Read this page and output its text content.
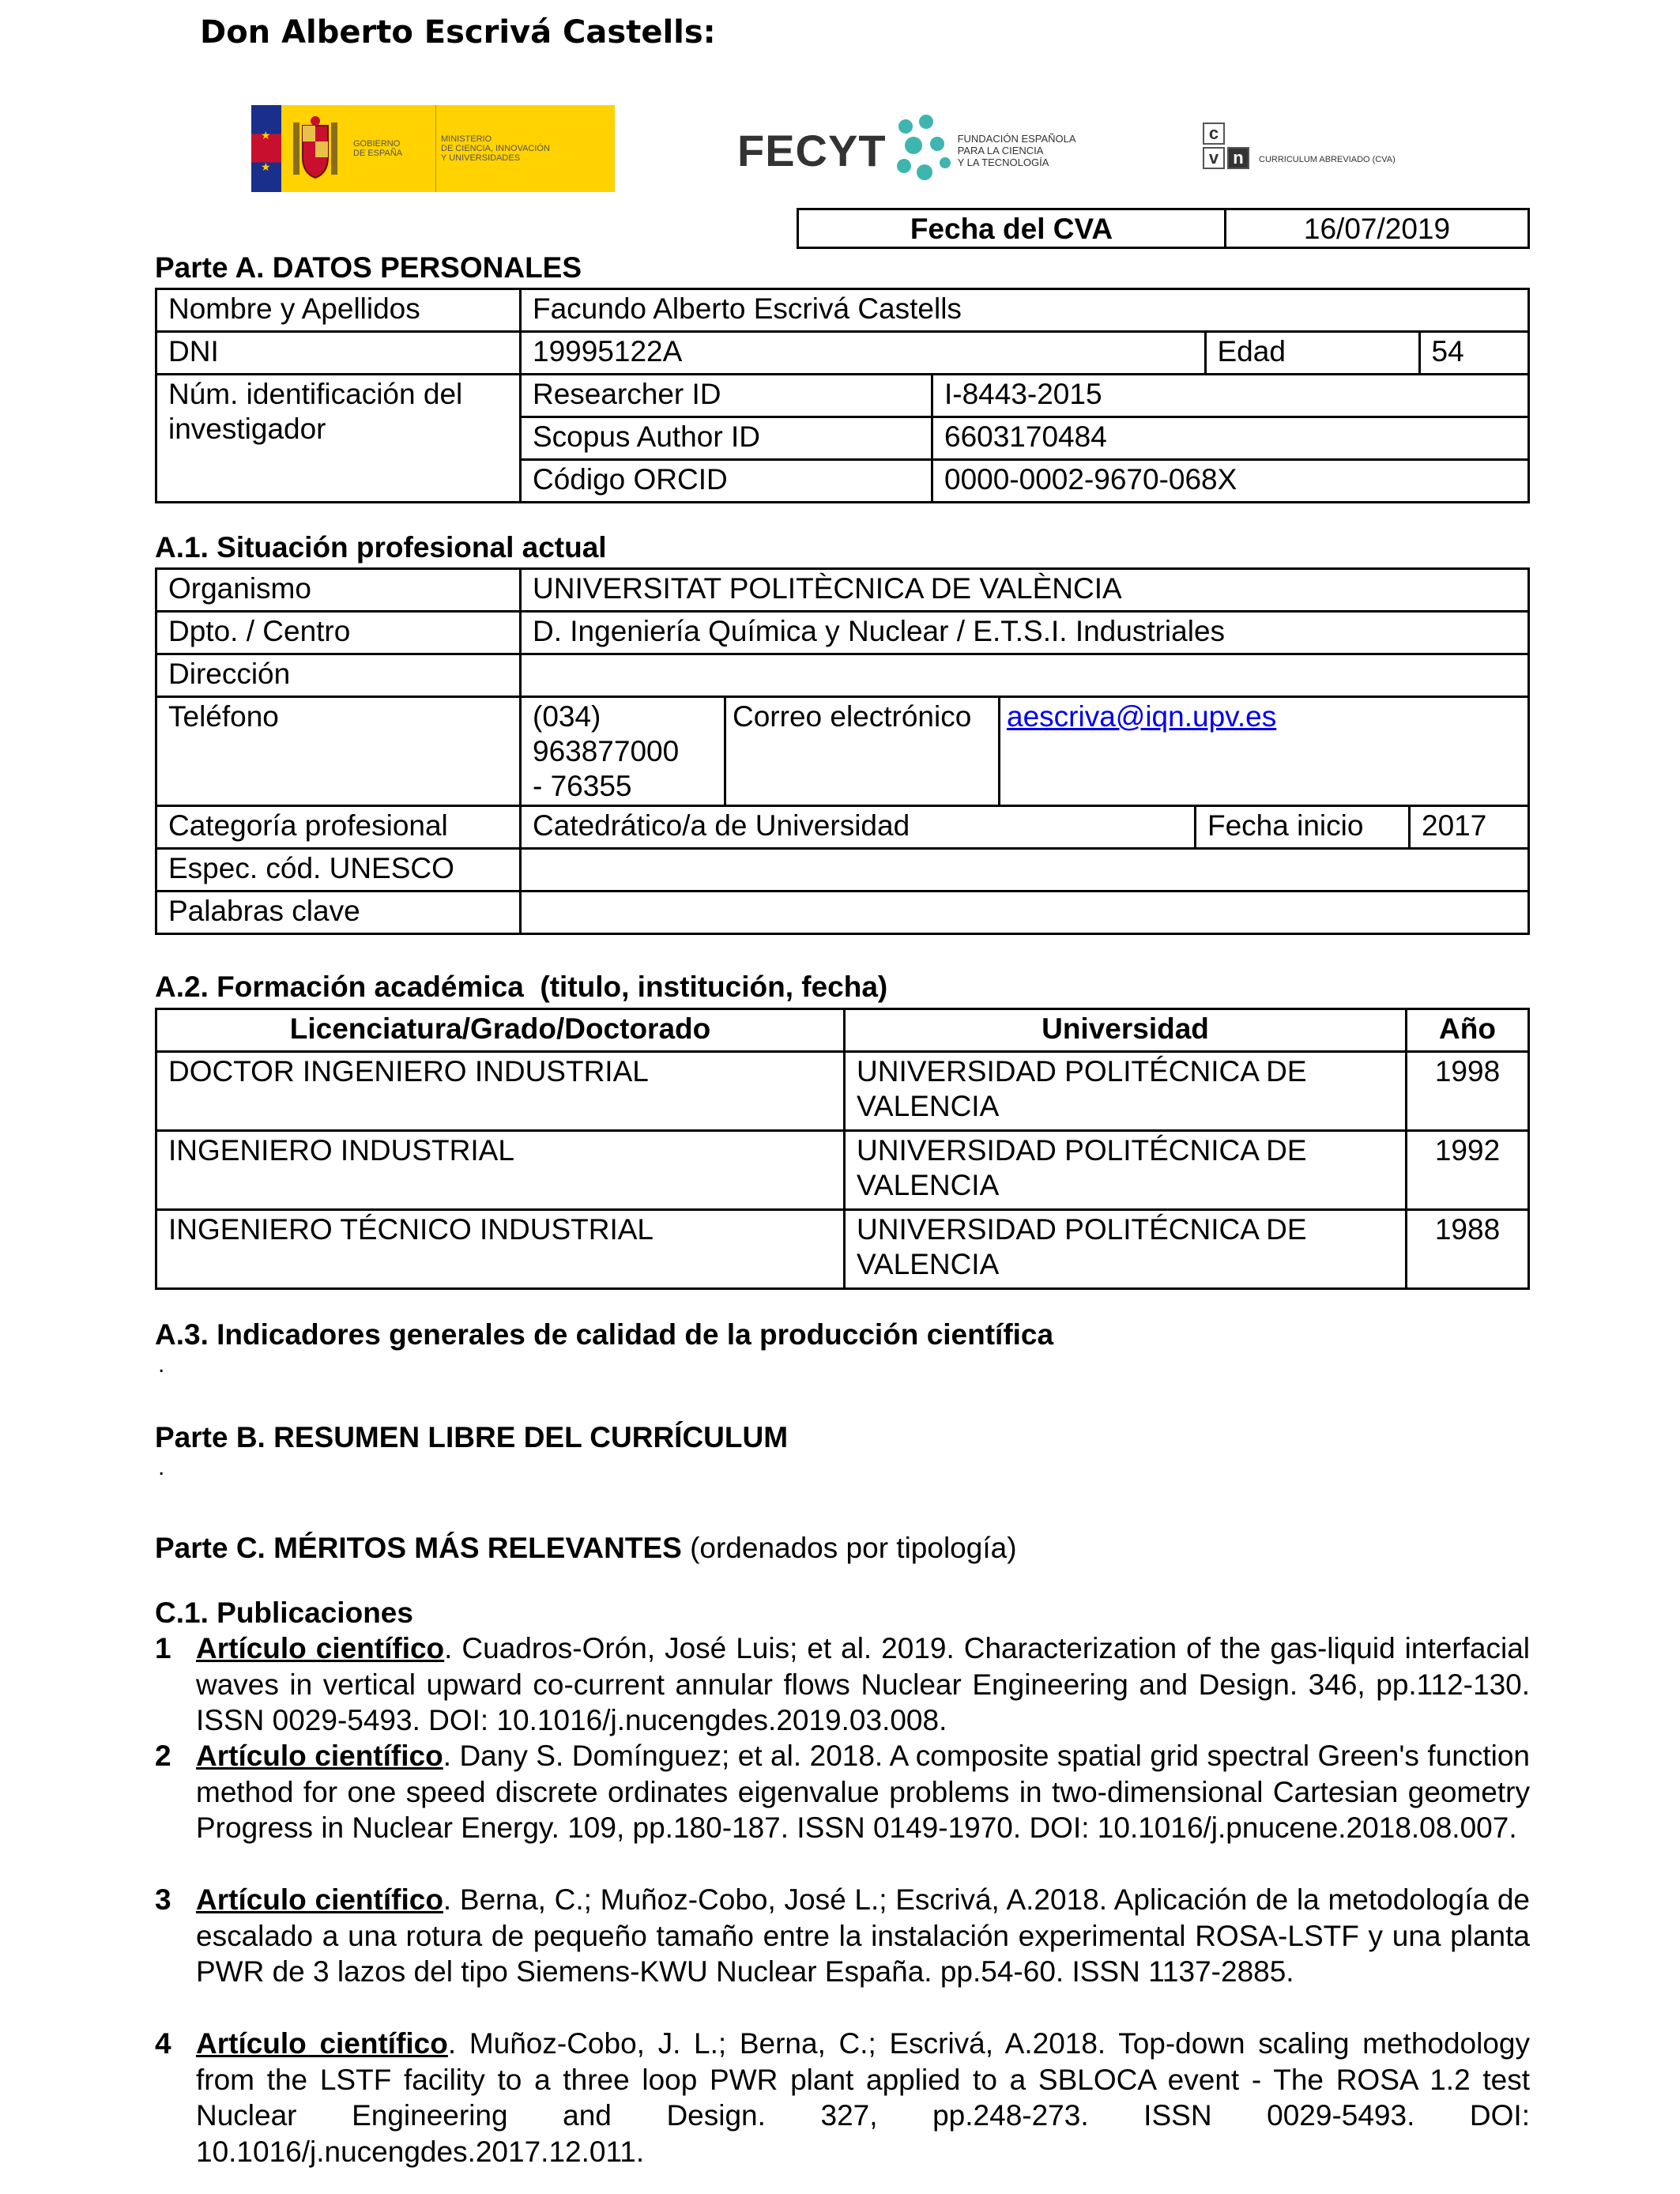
Don Alberto Escrivá Castells:
★
★
GOBIERNO
DE ESPAÑA
MINISTERIO
DE CIENCIA, INNOVACIÓN
Y UNIVERSIDADES	FECYT	FUNDACIÓN ESPAÑOLA
PARA LA CIENCIA
Y LA TECNOLOGÍA
c
v n	CURRICULUM ABREVIADO (CVA)
Fecha del CVA	16/07/2019
Parte A. DATOS PERSONALES
Nombre y Apellidos	Facundo Alberto Escrivá Castells			
DNI	19995122A		Edad	54
Núm. identificación del investigador	Researcher ID	I-8443-2015		
	Scopus Author ID	6603170484		
	Código ORCID	0000-0002-9670-068X		
A.1. Situación profesional actual
Organismo	UNIVERSITAT POLITÈCNICA DE VALÈNCIA				
Dpto. / Centro	D. Ingeniería Química y Nuclear / E.T.S.I. Industriales				
Dirección					
Teléfono	(034)
963877000
- 76355	Correo electrónico	aescriva@iqn.upv.es		
Categoría profesional	Catedrático/a de Universidad			Fecha inicio	2017
Espec. cód. UNESCO					
Palabras clave					
A.2. Formación académica (titulo, institución, fecha)
Licenciatura/Grado/Doctorado	Universidad	Año
DOCTOR INGENIERO INDUSTRIAL	UNIVERSIDAD POLITÉCNICA DE VALENCIA	1998
INGENIERO INDUSTRIAL	UNIVERSIDAD POLITÉCNICA DE VALENCIA	1992
INGENIERO TÉCNICO INDUSTRIAL	UNIVERSIDAD POLITÉCNICA DE VALENCIA	1988
A.3. Indicadores generales de calidad de la producción científica
.
Parte B. RESUMEN LIBRE DEL CURRÍCULUM
.
Parte C. MÉRITOS MÁS RELEVANTES (ordenados por tipología)
C.1. Publicaciones
1 Artículo científico. Cuadros-Orón, José Luis; et al. 2019. Characterization of the gas-liquid interfacial waves in vertical upward co-current annular flows Nuclear Engineering and Design. 346, pp.112-130. ISSN 0029-5493. DOI: 10.1016/j.nucengdes.2019.03.008.
2 Artículo científico. Dany S. Domínguez; et al. 2018. A composite spatial grid spectral Green's function method for one speed discrete ordinates eigenvalue problems in two-dimensional Cartesian geometry Progress in Nuclear Energy. 109, pp.180-187. ISSN 0149-1970. DOI: 10.1016/j.pnucene.2018.08.007.
3 Artículo científico. Berna, C.; Muñoz-Cobo, José L.; Escrivá, A.2018. Aplicación de la metodología de escalado a una rotura de pequeño tamaño entre la instalación experimental ROSA-LSTF y una planta PWR de 3 lazos del tipo Siemens-KWU Nuclear España. pp.54-60. ISSN 1137-2885.
4 Artículo científico. Muñoz-Cobo, J. L.; Berna, C.; Escrivá, A.2018. Top-down scaling methodology from the LSTF facility to a three loop PWR plant applied to a SBLOCA event - The ROSA 1.2 test Nuclear Engineering and Design. 327, pp.248-273. ISSN 0029-5493. DOI: 10.1016/j.nucengdes.2017.12.011.
